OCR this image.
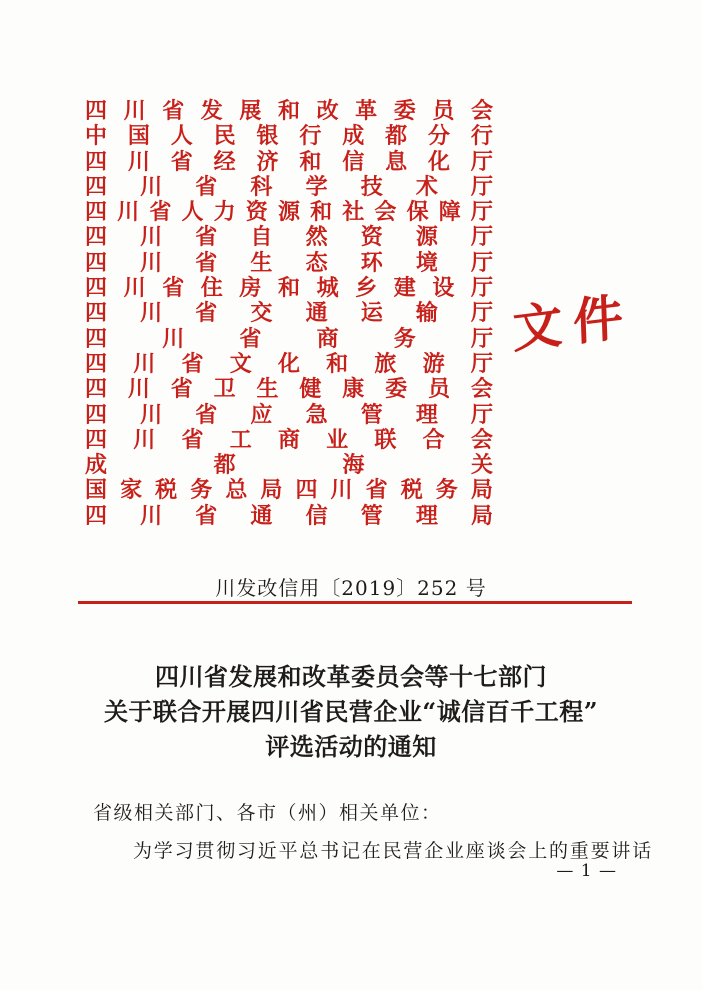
四 川 省 发 展 和 改 革 委 员 会
中 国 人 民 银 行 成 都 分 行
四 川 省 经 济 和 信 息 化 厅
四 川 省 科 学 技 术 厅
四 川 省 人 力 资 源 和 社 会 保 障 厅
四 川 省 自 然 资 源 厅
四 川 省 生 态 环 境 厅
四 川 省 住 房 和 城 乡 建 设 厅
四 川 省 交 通 运 输 厅
四	川	省	商	务	厅
四 川 省 文 化 和 旅 游 厅
四 川 省 卫 生 健 康 委 员 会
四 川 省 应 急 管 理 厅
四 川 省 工 商 业 联 合 会
成	都	海	关
国 家 税 务 总 局 四 川 省 税 务 局
四 川 省 通 信 管 理 局
文件
川发改信用〔2019〕252 号
四川省发展和改革委员会等十七部门
关于联合开展四川省民营企业“诚信百千工程”
评选活动的通知
省级相关部门、各市（州）相关单位：
为学习贯彻习近平总书记在民营企业座谈会上的重要讲话
— 1 —
